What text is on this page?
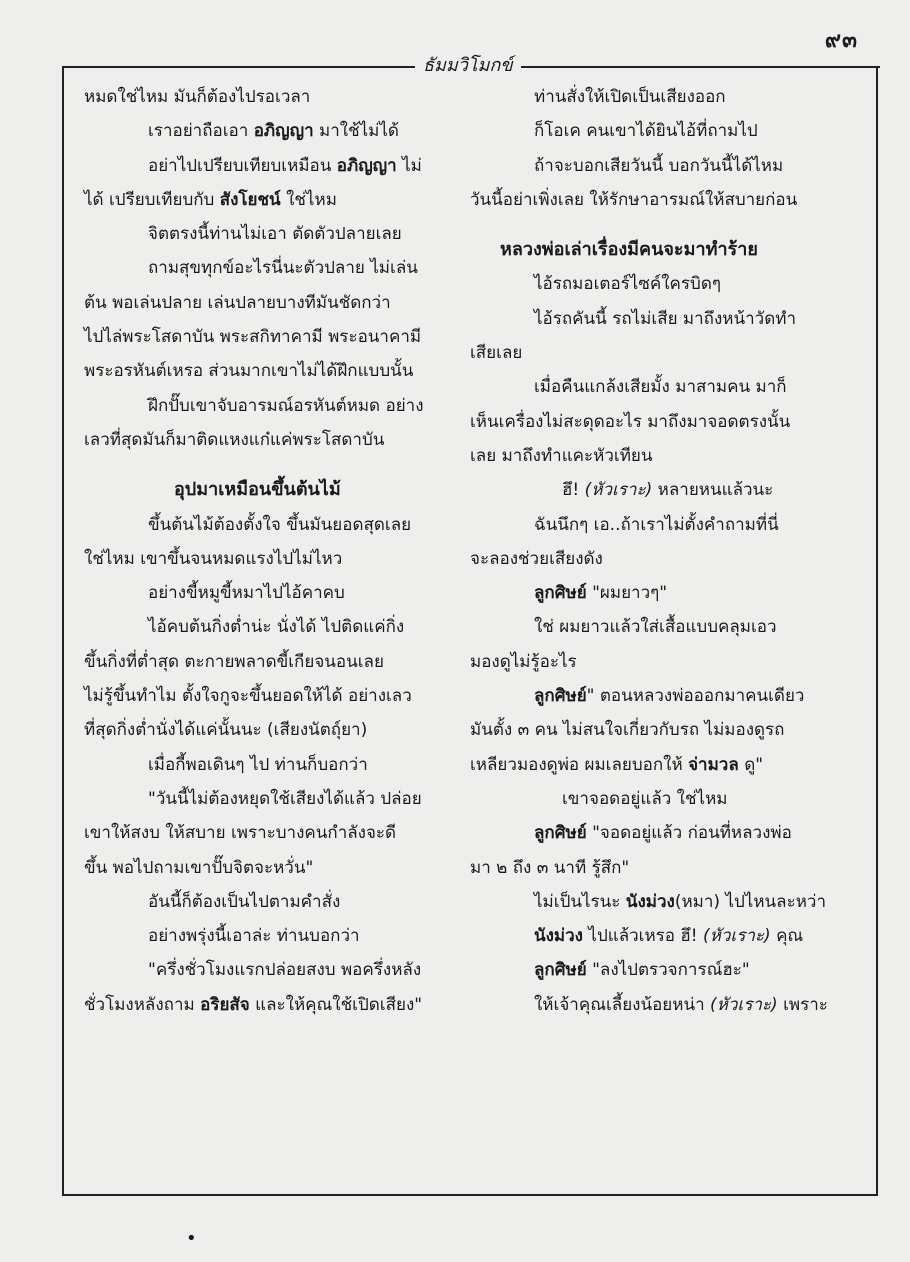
๙๓
ธัมมวิโมกข์
หมดใช่ไหม มันก็ต้องไปรอเวลา
เราอย่าถือเอา อภิญญา มาใช้ไม่ได้
อย่าไปเปรียบเทียบเหมือน อภิญญา ไม่
ได้ เปรียบเทียบกับ สังโยชน์ ใช่ไหม
จิตตรงนี้ท่านไม่เอา ตัดตัวปลายเลย
ถามสุขทุกข์อะไรนี่นะตัวปลาย ไม่เล่น
ต้น พอเล่นปลาย เล่นปลายบางทีมันชัดกว่า
ไปไล่พระโสดาบัน พระสกิทาคามี พระอนาคามี
พระอรหันต์เหรอ ส่วนมากเขาไม่ได้ฝึกแบบนั้น
ฝึกปั๊บเขาจับอารมณ์อรหันต์หมด อย่าง
เลวที่สุดมันก็มาติดแหงแก๋แค่พระโสดาบัน
อุปมาเหมือนขึ้นต้นไม้
ขึ้นต้นไม้ต้องตั้งใจ ขึ้นมันยอดสุดเลย
ใช่ไหม เขาขึ้นจนหมดแรงไปไม่ไหว
อย่างขี้หมูขี้หมาไปไอ้คาคบ
ไอ้คบต้นกิ่งต่ำน่ะ นั่งได้ ไปติดแค่กิ่ง
ขึ้นกิ่งที่ต่ำสุด ตะกายพลาดขี้เกียจนอนเลย
ไม่รู้ขึ้นทำไม ตั้งใจกูจะขึ้นยอดให้ได้ อย่างเลว
ที่สุดกิ่งต่ำนั่งได้แค่นั้นนะ (เสียงนัตถุ์ยา)
เมื่อกี้พอเดินๆ ไป ท่านก็บอกว่า
"วันนี้ไม่ต้องหยุดใช้เสียงได้แล้ว ปล่อย
เขาให้สงบ ให้สบาย เพราะบางคนกำลังจะดี
ขึ้น พอไปถามเขาปั๊บจิตจะหวั่น"
อันนี้ก็ต้องเป็นไปตามคำสั่ง
อย่างพรุ่งนี้เอาล่ะ ท่านบอกว่า
"ครึ่งชั่วโมงแรกปล่อยสงบ พอครึ่งหลัง
ชั่วโมงหลังถาม อริยสัจ และให้คุณใช้เปิดเสียง"
ท่านสั่งให้เปิดเป็นเสียงออก
ก็โอเค คนเขาได้ยินไอ้ที่ถามไป
ถ้าจะบอกเสียวันนี้ บอกวันนี้ได้ไหม
วันนี้อย่าเพิ่งเลย ให้รักษาอารมณ์ให้สบายก่อน
หลวงพ่อเล่าเรื่องมีคนจะมาทำร้าย
ไอ้รถมอเตอร์ไซค์ใครบิดๆ
ไอ้รถคันนี้ รถไม่เสีย มาถึงหน้าวัดทำ
เสียเลย
เมื่อคืนแกล้งเสียมั้ง มาสามคน มาก็
เห็นเครื่องไม่สะดุดอะไร มาถึงมาจอดตรงนั้น
เลย มาถึงทำแคะหัวเทียน
ฮึ! (หัวเราะ) หลายหนแล้วนะ
ฉันนึกๆ เอ..ถ้าเราไม่ตั้งคำถามที่นี่
จะลองช่วยเสียงดัง
ลูกศิษย์ "ผมยาวๆ"
ใช่ ผมยาวแล้วใส่เสื้อแบบคลุมเอว
มองดูไม่รู้อะไร
ลูกศิษย์" ตอนหลวงพ่อออกมาคนเดียว
มันตั้ง ๓ คน ไม่สนใจเกี่ยวกับรถ ไม่มองดูรถ
เหลียวมองดูพ่อ ผมเลยบอกให้ จ่ามวล ดู"
เขาจอดอยู่แล้ว ใช่ไหม
ลูกศิษย์ "จอดอยู่แล้ว ก่อนที่หลวงพ่อ
มา ๒ ถึง ๓ นาที รู้สึก"
ไม่เป็นไรนะ นังม่วง(หมา) ไปไหนละหว่า
นังม่วง ไปแล้วเหรอ ฮึ! (หัวเราะ) คุณ
ลูกศิษย์ "ลงไปตรวจการณ์ฮะ"
ให้เจ้าคุณเลี้ยงน้อยหน่า (หัวเราะ) เพราะ
•
